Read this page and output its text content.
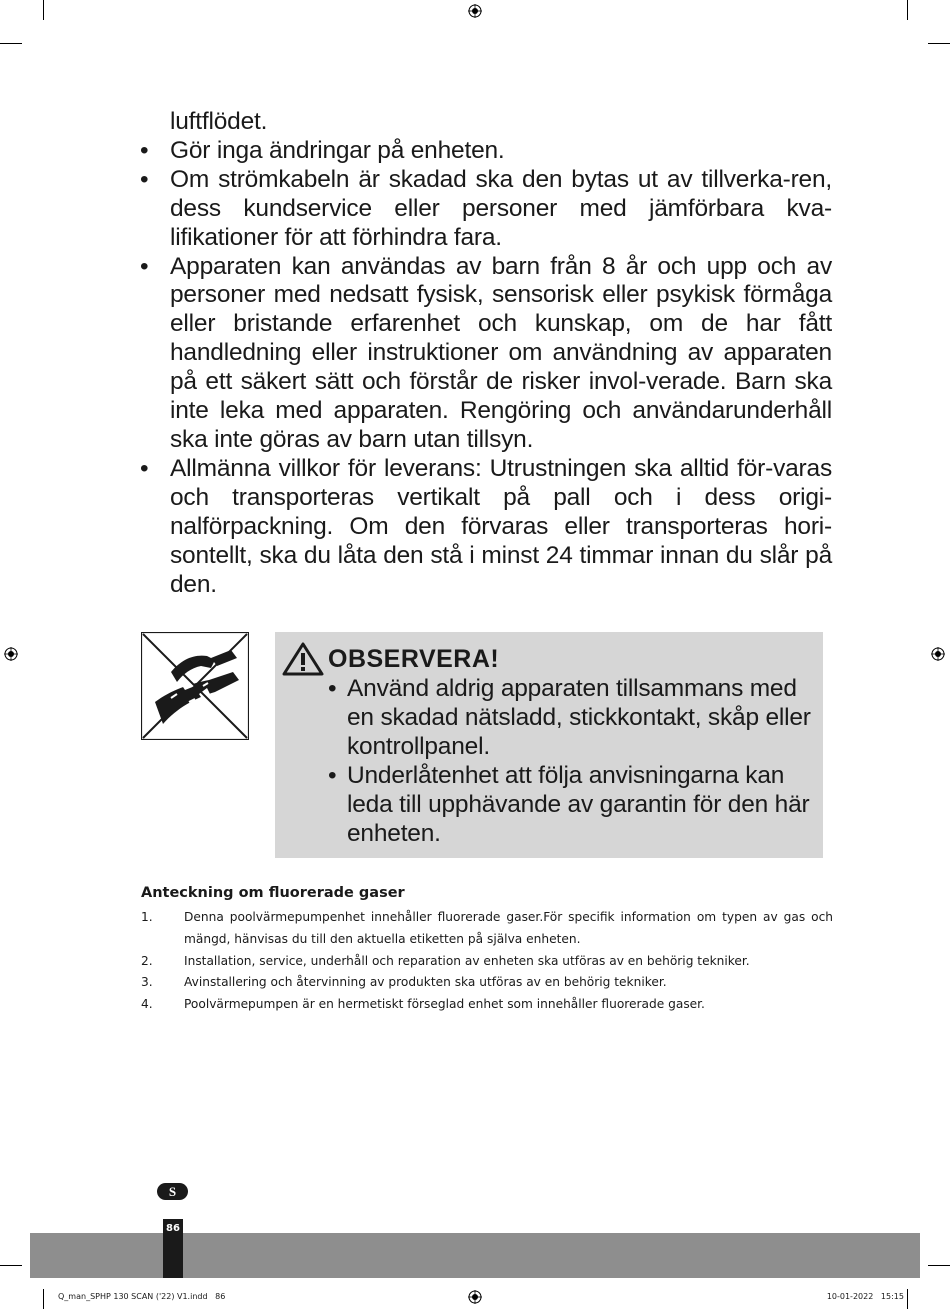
luftflödet.

• Gör inga ändringar på enheten.
• Om strömkabeln är skadad ska den bytas ut av tillverka-ren, dess kundservice eller personer med jämförbara kva-lifikationer för att förhindra fara.
• Apparaten kan användas av barn från 8 år och upp och av personer med nedsatt fysisk, sensorisk eller psykisk förmåga eller bristande erfarenhet och kunskap, om de har fått handledning eller instruktioner om användning av apparaten på ett säkert sätt och förstår de risker invol-verade. Barn ska inte leka med apparaten. Rengöring och användarunderhåll ska inte göras av barn utan tillsyn.
• Allmänna villkor för leverans: Utrustningen ska alltid för-varas och transporteras vertikalt på pall och i dess origi-nalförpackning. Om den förvaras eller transporteras hori-sontellt, ska du låta den stå i minst 24 timmar innan du slår på den.
OBSERVERA!
• Använd aldrig apparaten tillsammans med en skadad nätsladd, stickkontakt, skåp eller kontrollpanel.
• Underlåtenhet att följa anvisningarna kan leda till upphävande av garantin för den här enheten.

Anteckning om fluorerade gaser

1.	Denna poolvärmepumpenhet innehåller fluorerade gaser.För specifik information om typen av gas och mängd, hänvisas du till den aktuella etiketten på själva enheten.
2.	Installation, service, underhåll och reparation av enheten ska utföras av en behörig tekniker.
3.	Avinstallering och återvinning av produkten ska utföras av en behörig tekniker.
4.	Poolvärmepumpen är en hermetiskt förseglad enhet som innehåller fluorerade gaser.
S
86
Q_man_SPHP 130 SCAN ('22) V1.indd   86	10-01-2022   15:15
